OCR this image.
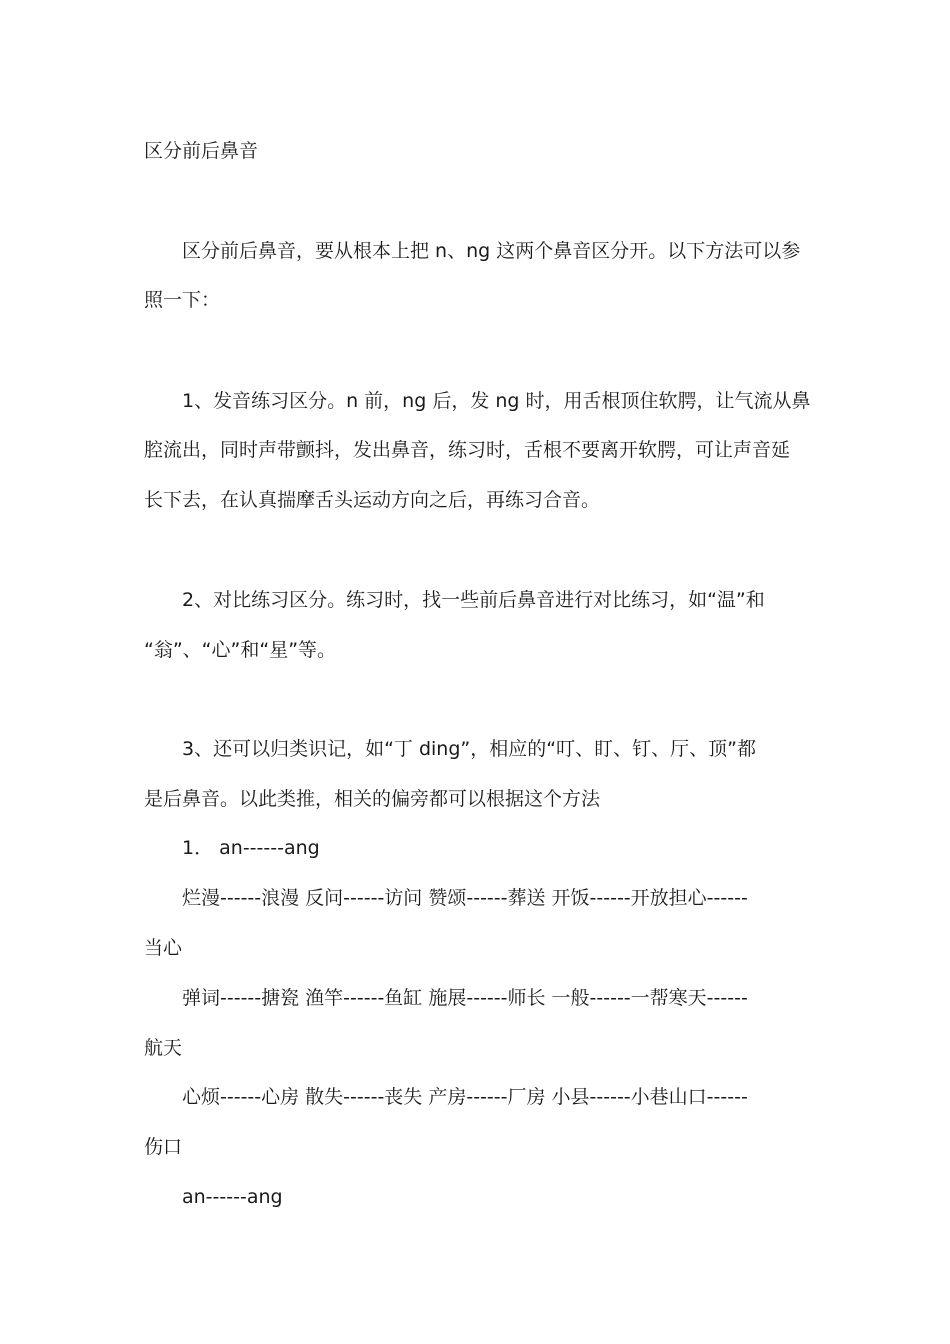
区分前后鼻音
区分前后鼻音，要从根本上把 n、ng 这两个鼻音区分开。以下方法可以参
照一下：
1、发音练习区分。n 前，ng 后，发 ng 时，用舌根顶住软腭，让气流从鼻
腔流出，同时声带颤抖，发出鼻音，练习时，舌根不要离开软腭，可让声音延
长下去，在认真揣摩舌头运动方向之后，再练习合音。
2、对比练习区分。练习时，找一些前后鼻音进行对比练习，如“温”和
“翁”、“心”和“星”等。
3、还可以归类识记，如“丁 ding”，相应的“叮、盯、钉、厅、顶”都
是后鼻音。以此类推，相关的偏旁都可以根据这个方法
1． an------ang
烂漫------浪漫 反问------访问 赞颂------葬送 开饭------开放担心------
当心
弹词------搪瓷 渔竿------鱼缸 施展------师长 一般------一帮寒天------
航天
心烦------心房 散失------丧失 产房------厂房 小县------小巷山口------
伤口
an------ang
